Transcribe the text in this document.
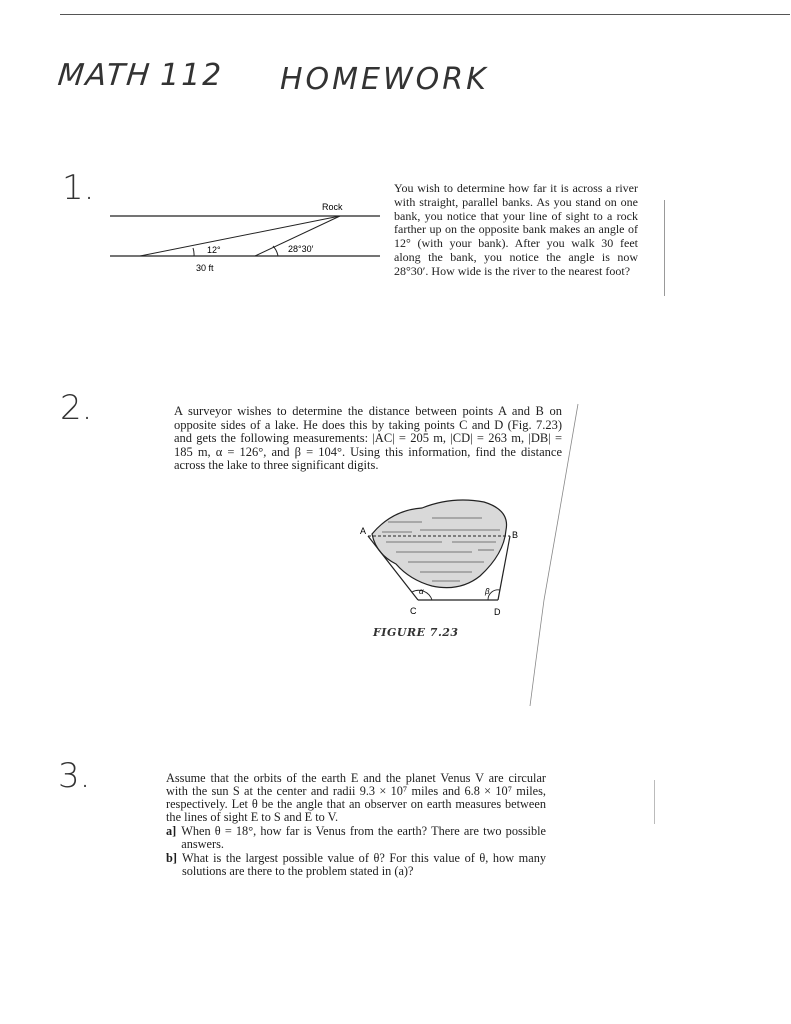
MATH 112 HOMEWORK
1.	Rock
12°	28°30′
30 ft

You wish to determine how far it is across a river with straight, parallel banks. As you stand on one bank, you notice that your line of sight to a rock farther up on the opposite bank makes an angle of 12° (with your bank). After you walk 30 feet along the bank, you notice the angle is now 28°30′. How wide is the river to the nearest foot?

2.	A surveyor wishes to determine the distance between points A and B on opposite sides of a lake. He does this by taking points C and D (Fig. 7.23) and gets the following measurements: |AC| = 205 m, |CD| = 263 m, |DB| = 185 m, α = 126°, and β = 104°. Using this information, find the distance across the lake to three significant digits.

A	B
C	D
α	β
FIGURE 7.23
3.	Assume that the orbits of the earth E and the planet Venus V are circular with the sun S at the center and radii 9.3 × 10⁷ miles and 6.8 × 10⁷ miles, respectively. Let θ be the angle that an observer on earth measures between the lines of sight E to S and E to V.

a] When θ = 18°, how far is Venus from the earth? There are two possible answers.
b] What is the largest possible value of θ? For this value of θ, how many solutions are there to the problem stated in (a)?
